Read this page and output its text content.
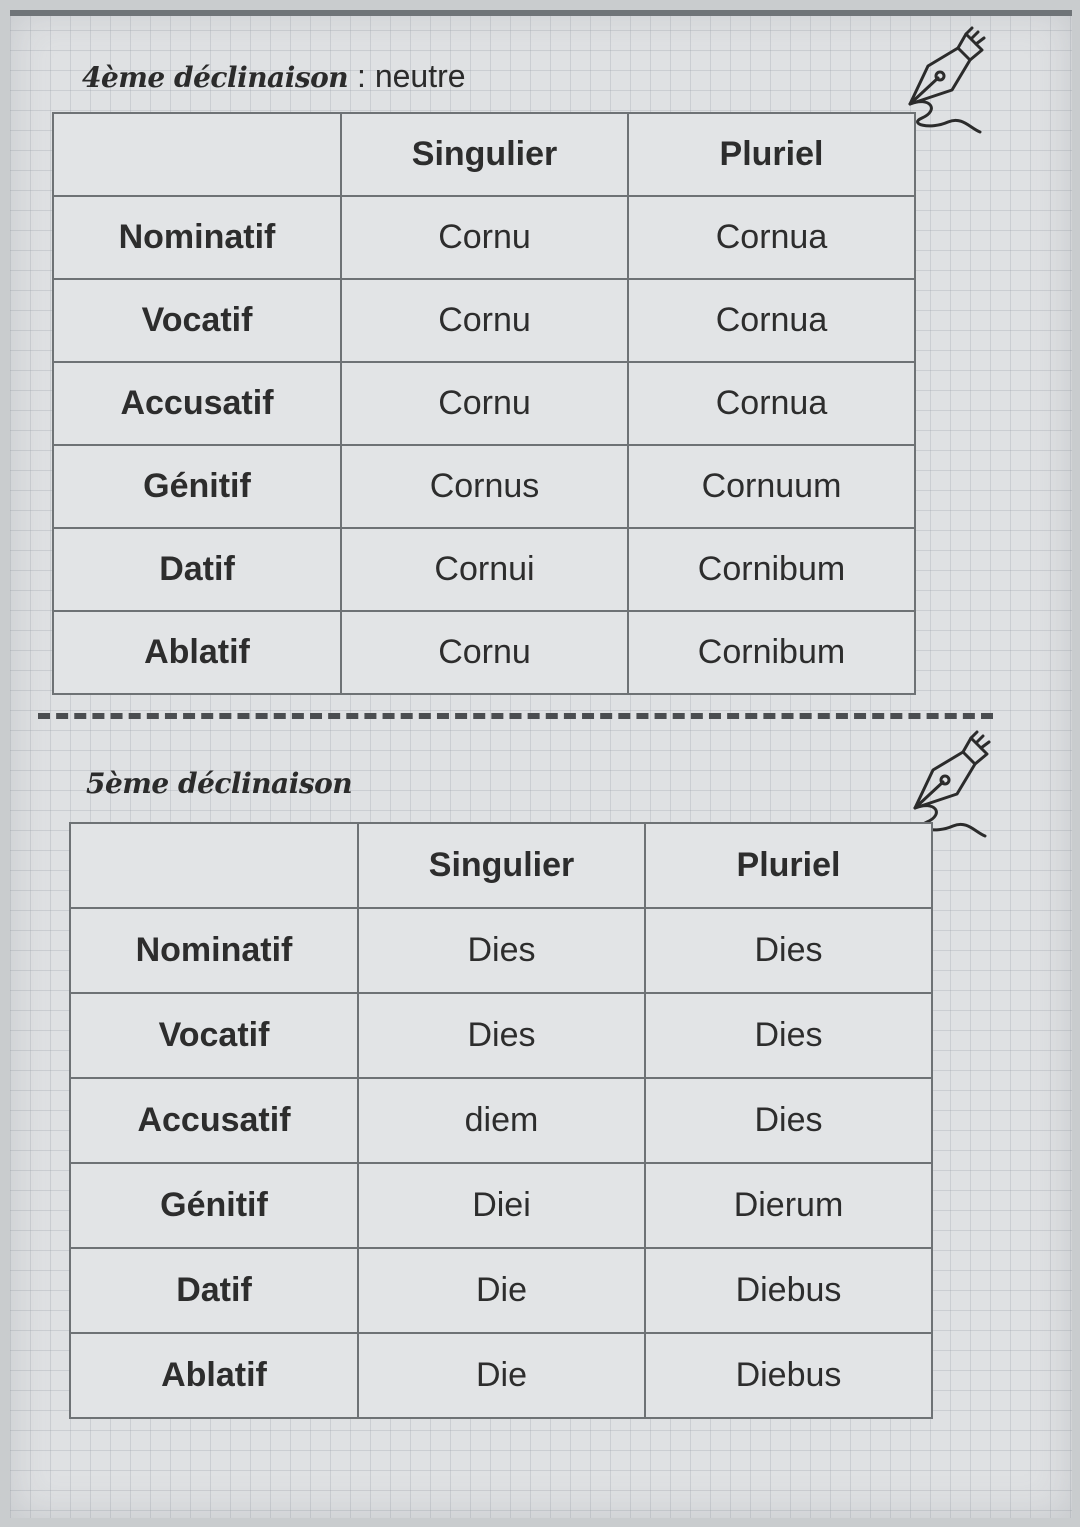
4ème déclinaison : neutre
	Singulier	Pluriel
Nominatif	Cornu	Cornua
Vocatif	Cornu	Cornua
Accusatif	Cornu	Cornua
Génitif	Cornus	Cornuum
Datif	Cornui	Cornibum
Ablatif	Cornu	Cornibum
5ème déclinaison
	Singulier	Pluriel
Nominatif	Dies	Dies
Vocatif	Dies	Dies
Accusatif	diem	Dies
Génitif	Diei	Dierum
Datif	Die	Diebus
Ablatif	Die	Diebus
